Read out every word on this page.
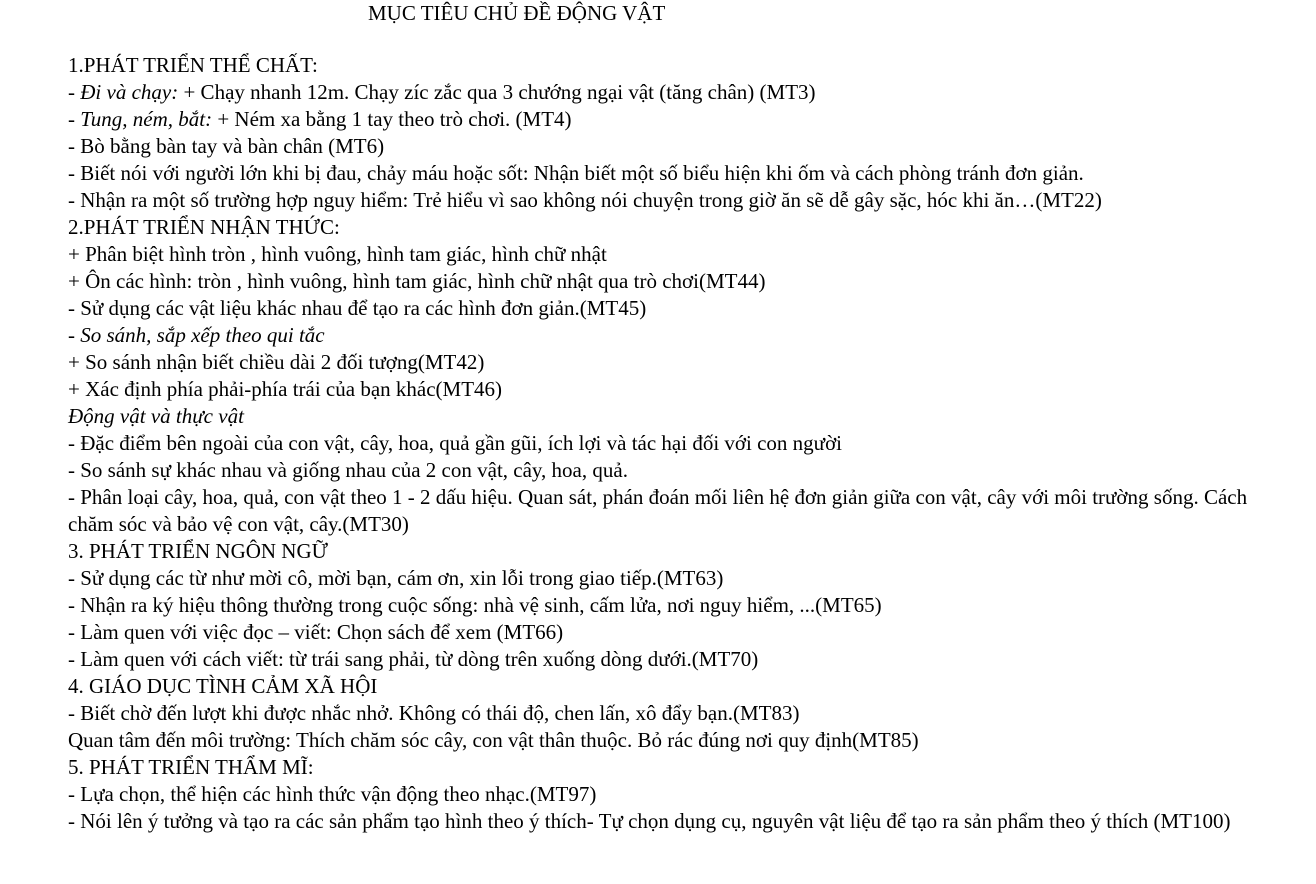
MỤC TIÊU CHỦ ĐỀ ĐỘNG VẬT
1.PHÁT TRIỂN THỂ CHẤT:
- Đi và chạy: + Chạy nhanh 12m. Chạy zíc zắc qua 3 chướng ngại vật (tăng chân) (MT3)
- Tung, ném, bắt: + Ném xa bằng 1 tay theo trò chơi. (MT4)
- Bò bằng bàn tay và bàn chân (MT6)
- Biết nói với người lớn khi bị đau, chảy máu hoặc sốt: Nhận biết một số biểu hiện khi ốm và cách phòng tránh đơn giản.
- Nhận ra một số trường hợp nguy hiểm: Trẻ hiểu vì sao không nói chuyện trong giờ ăn sẽ dễ gây sặc, hóc khi ăn…(MT22)
2.PHÁT TRIỂN NHẬN THỨC:
+ Phân biệt hình tròn , hình vuông, hình tam giác, hình chữ nhật
+ Ôn các hình: tròn , hình vuông, hình tam giác, hình chữ nhật qua trò chơi(MT44)
- Sử dụng các vật liệu khác nhau để tạo ra các hình đơn giản.(MT45)
- So sánh, sắp xếp theo qui tắc
+ So sánh nhận biết chiều dài 2 đối tượng(MT42)
+ Xác định phía phải-phía trái của bạn khác(MT46)
Động vật và thực vật
- Đặc điểm bên ngoài của con vật, cây, hoa, quả gần gũi, ích lợi và tác hại đối với con người
- So sánh sự khác nhau và giống nhau của 2 con vật, cây, hoa, quả.
- Phân loại cây, hoa, quả, con vật theo 1 - 2 dấu hiệu. Quan sát, phán đoán mối liên hệ đơn giản giữa con vật, cây với môi trường sống. Cách chăm sóc và bảo vệ con vật, cây.(MT30)
3. PHÁT TRIỂN NGÔN NGỮ
- Sử dụng các từ như mời cô, mời bạn, cám ơn, xin lỗi trong giao tiếp.(MT63)
- Nhận ra ký hiệu thông thường trong cuộc sống: nhà vệ sinh, cấm lửa, nơi nguy hiểm, ...(MT65)
- Làm quen với việc đọc – viết: Chọn sách để xem (MT66)
- Làm quen với cách viết: từ trái sang phải, từ dòng trên xuống dòng dưới.(MT70)
4. GIÁO DỤC TÌNH CẢM XÃ HỘI
- Biết chờ đến lượt khi được nhắc nhở. Không có thái độ, chen lấn, xô đẩy bạn.(MT83)
Quan tâm đến môi trường: Thích chăm sóc cây, con vật thân thuộc. Bỏ rác đúng nơi quy định(MT85)
5. PHÁT TRIỂN THẨM MĨ:
- Lựa chọn, thể hiện các hình thức vận động theo nhạc.(MT97)
- Nói lên ý tưởng và tạo ra các sản phẩm tạo hình theo ý thích- Tự chọn dụng cụ, nguyên vật liệu để tạo ra sản phẩm theo ý thích (MT100)
